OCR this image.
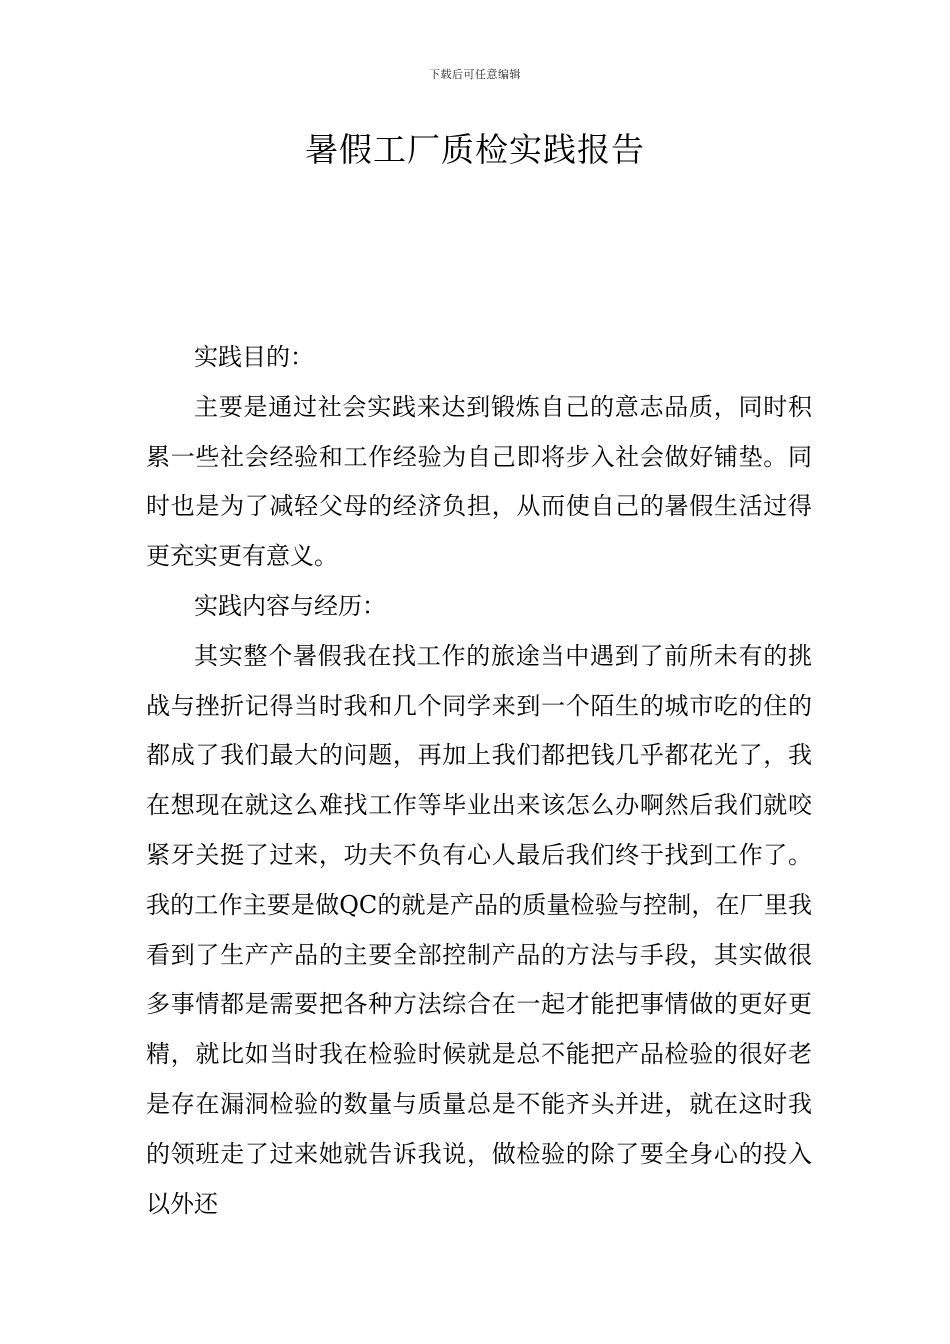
下载后可任意编辑
暑假工厂质检实践报告

实践目的：

主要是通过社会实践来达到锻炼自己的意志品质，同时积累一些社会经验和工作经验为自己即将步入社会做好铺垫。同时也是为了减轻父母的经济负担，从而使自己的暑假生活过得更充实更有意义。

实践内容与经历：

其实整个暑假我在找工作的旅途当中遇到了前所未有的挑战与挫折记得当时我和几个同学来到一个陌生的城市吃的住的都成了我们最大的问题，再加上我们都把钱几乎都花光了，我在想现在就这么难找工作等毕业出来该怎么办啊然后我们就咬紧牙关挺了过来，功夫不负有心人最后我们终于找到工作了。我的工作主要是做QC的就是产品的质量检验与控制，在厂里我看到了生产产品的主要全部控制产品的方法与手段，其实做很多事情都是需要把各种方法综合在一起才能把事情做的更好更精，就比如当时我在检验时候就是总不能把产品检验的很好老是存在漏洞检验的数量与质量总是不能齐头并进，就在这时我的领班走了过来她就告诉我说，做检验的除了要全身心的投入以外还
